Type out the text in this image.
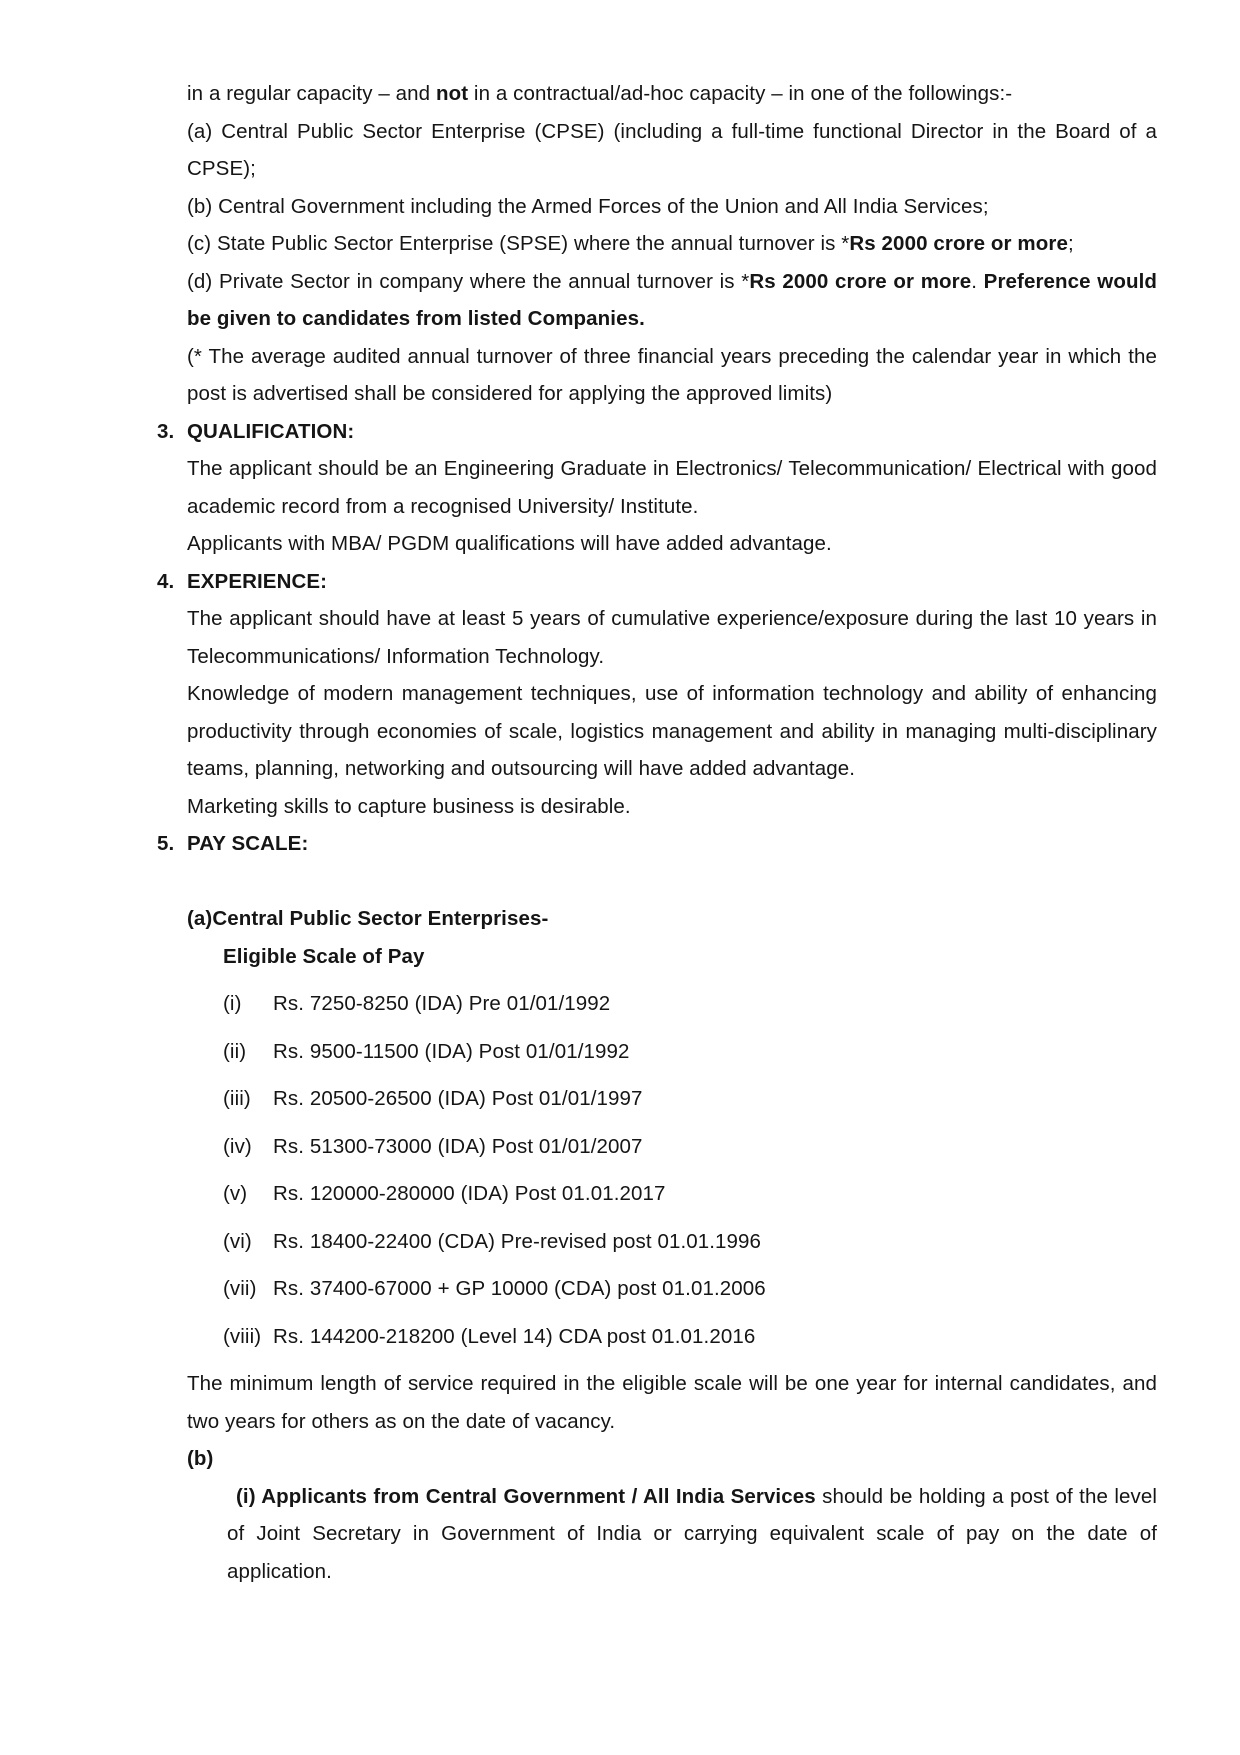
in a regular capacity – and not in a contractual/ad-hoc capacity – in one of the followings:-

(a) Central Public Sector Enterprise (CPSE) (including a full-time functional Director in the Board of a CPSE);

(b) Central Government including the Armed Forces of the Union and All India Services;

(c) State Public Sector Enterprise (SPSE) where the annual turnover is *Rs 2000 crore or more;

(d) Private Sector in company where the annual turnover is *Rs 2000 crore or more. Preference would be given to candidates from listed Companies.

(* The average audited annual turnover of three financial years preceding the calendar year in which the post is advertised shall be considered for applying the approved limits)

3. QUALIFICATION:

The applicant should be an Engineering Graduate in Electronics/ Telecommunication/ Electrical with good academic record from a recognised University/ Institute.

Applicants with MBA/ PGDM qualifications will have added advantage.

4. EXPERIENCE:

The applicant should have at least 5 years of cumulative experience/exposure during the last 10 years in Telecommunications/ Information Technology.

Knowledge of modern management techniques, use of information technology and ability of enhancing productivity through economies of scale, logistics management and ability in managing multi-disciplinary teams, planning, networking and outsourcing will have added advantage.

Marketing skills to capture business is desirable.

5. PAY SCALE:

(a)Central Public Sector Enterprises-

Eligible Scale of Pay

(i)	Rs. 7250-8250 (IDA) Pre 01/01/1992
(ii)	Rs. 9500-11500 (IDA) Post 01/01/1992
(iii)	Rs. 20500-26500 (IDA) Post 01/01/1997
(iv)	Rs. 51300-73000 (IDA) Post 01/01/2007
(v)	Rs. 120000-280000 (IDA) Post 01.01.2017
(vi)	Rs. 18400-22400 (CDA) Pre-revised post 01.01.1996
(vii) Rs. 37400-67000 + GP 10000 (CDA) post 01.01.2006
(viii) Rs. 144200-218200 (Level 14) CDA post 01.01.2016

The minimum length of service required in the eligible scale will be one year for internal candidates, and two years for others as on the date of vacancy.

(b)

(i) Applicants from Central Government / All India Services should be holding a post of the level of Joint Secretary in Government of India or carrying equivalent scale of pay on the date of application.
